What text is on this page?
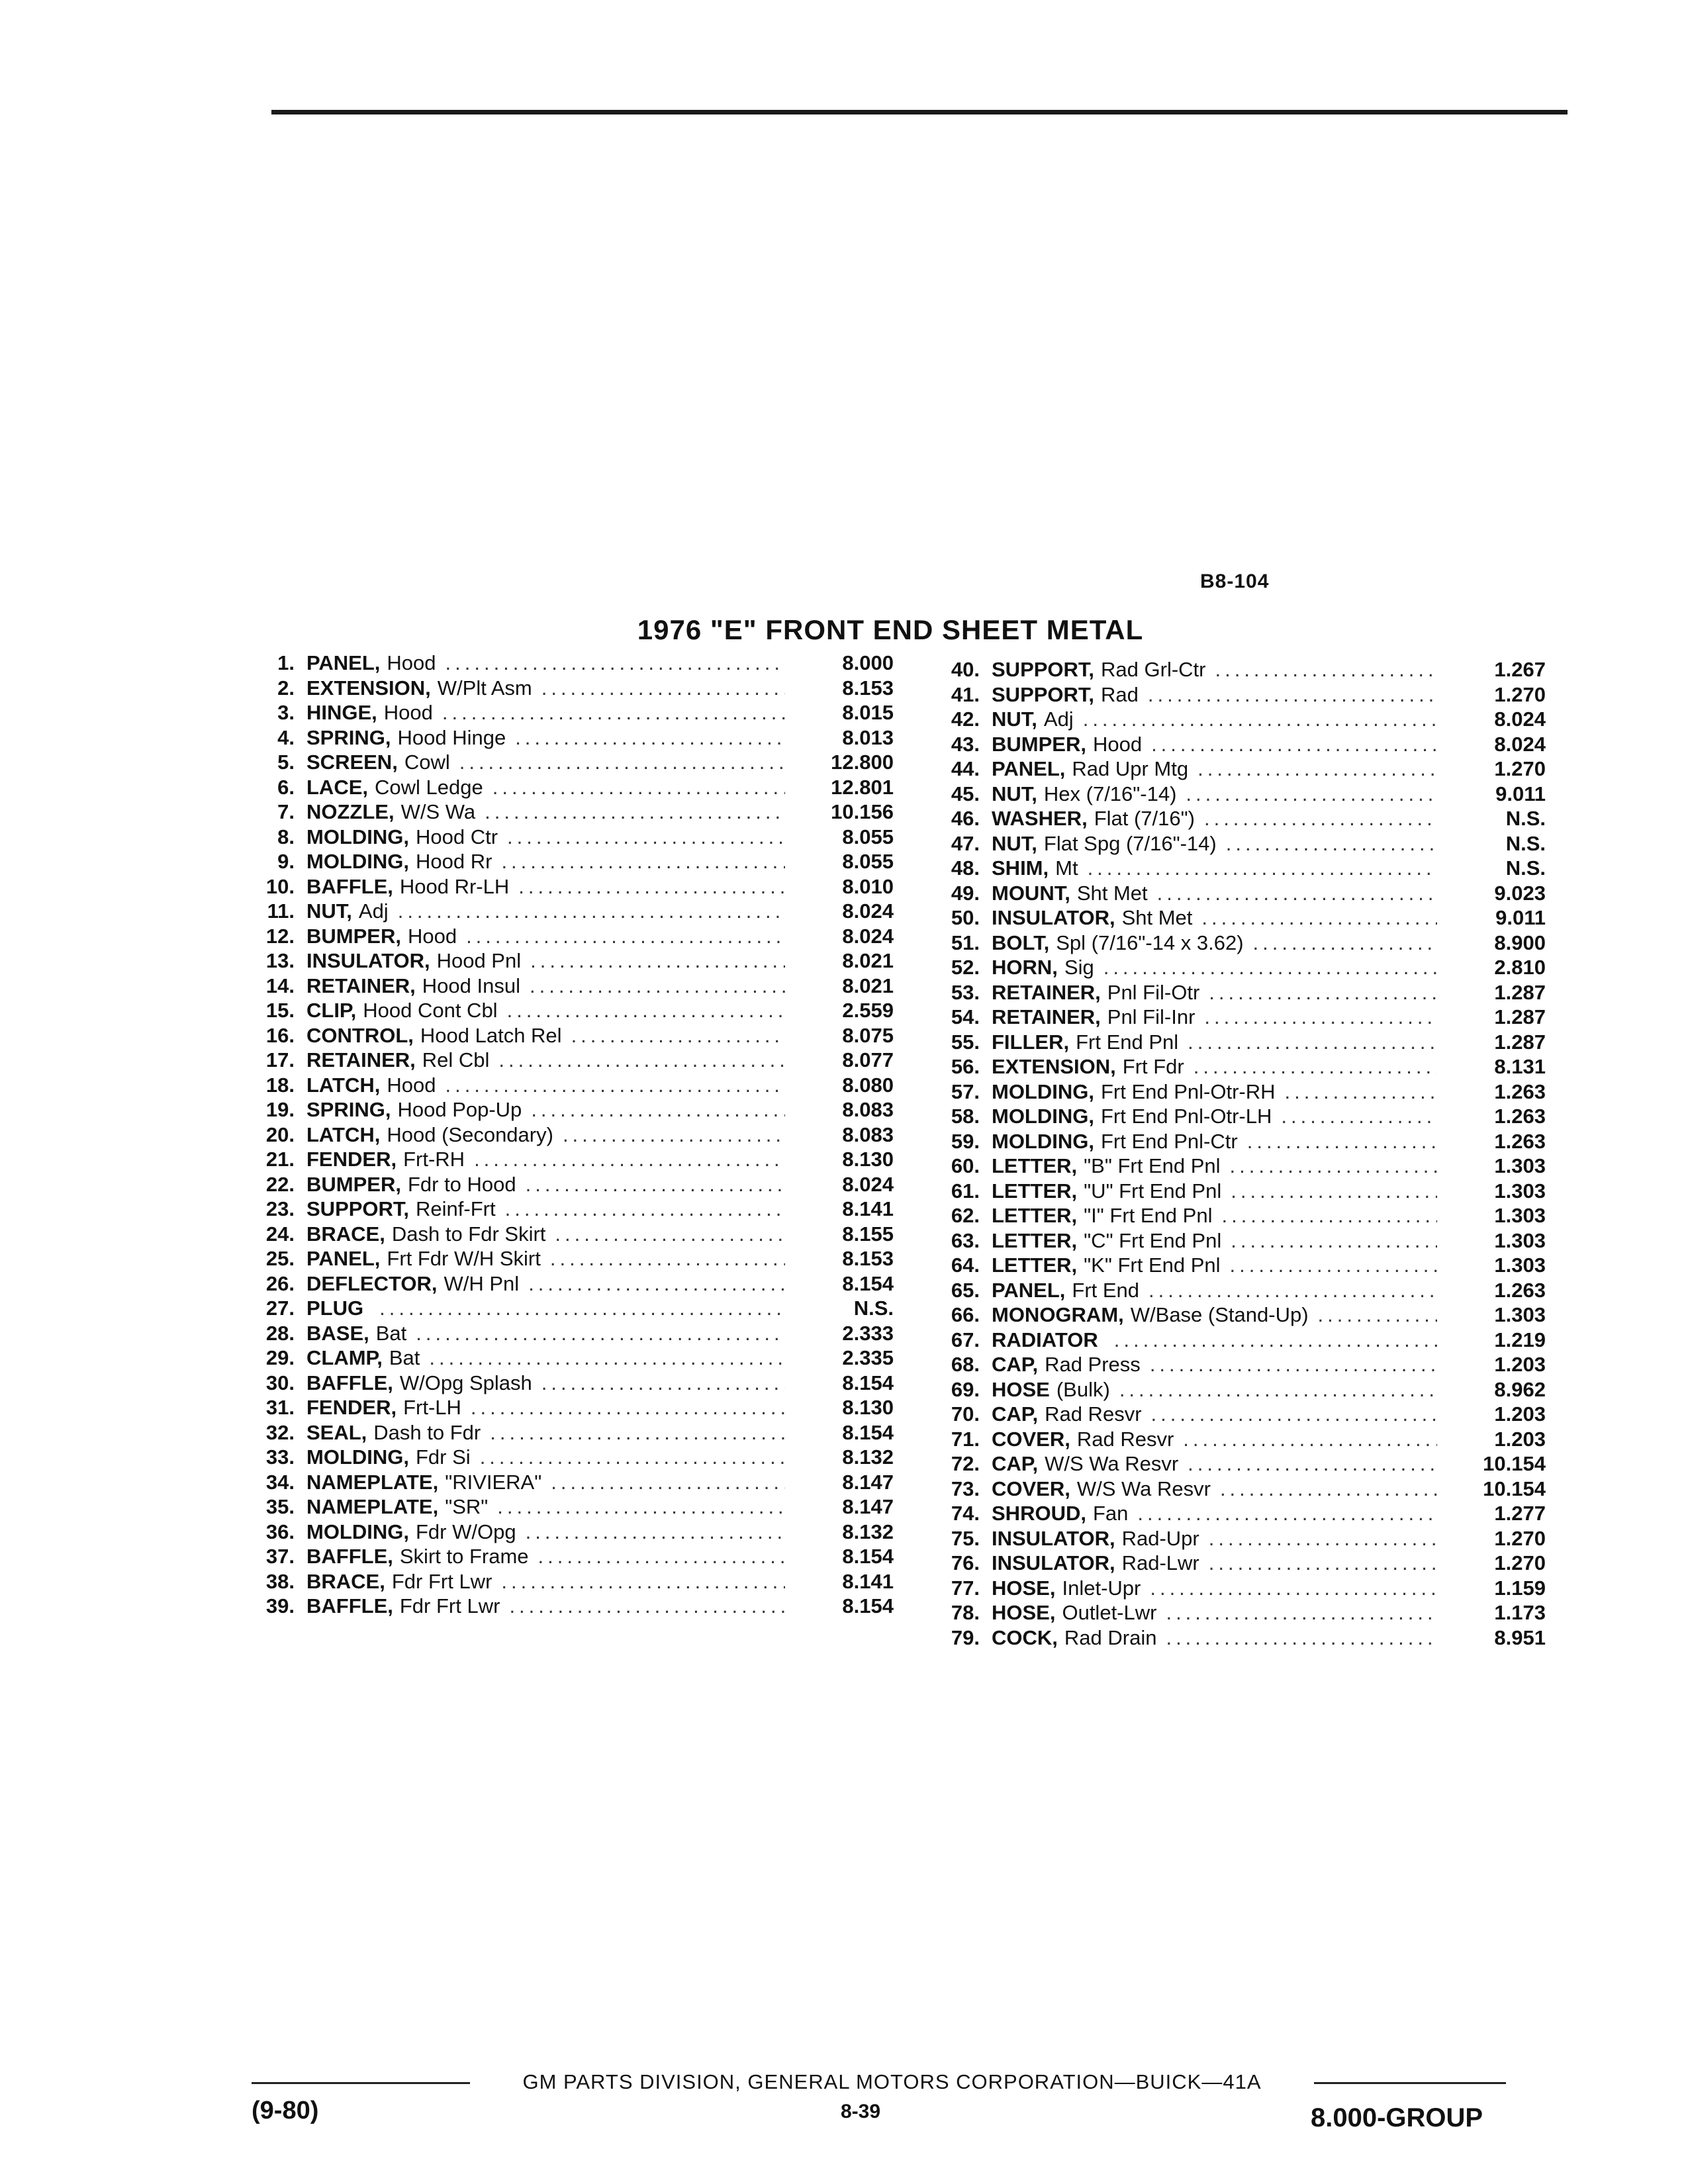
B8-104
1976 "E" FRONT END SHEET METAL
1. PANEL, Hood .....	8.000
2. EXTENSION, W/Plt Asm .....	8.153
3. HINGE, Hood .....	8.015
4. SPRING, Hood Hinge .....	8.013
5. SCREEN, Cowl .....	12.800
6. LACE, Cowl Ledge .....	12.801
7. NOZZLE, W/S Wa .....	10.156
8. MOLDING, Hood Ctr .....	8.055
9. MOLDING, Hood Rr .....	8.055
10. BAFFLE, Hood Rr-LH .....	8.010
11. NUT, Adj .....	8.024
12. BUMPER, Hood .....	8.024
13. INSULATOR, Hood Pnl .....	8.021
14. RETAINER, Hood Insul .....	8.021
15. CLIP, Hood Cont Cbl .....	2.559
16. CONTROL, Hood Latch Rel .....	8.075
17. RETAINER, Rel Cbl .....	8.077
18. LATCH, Hood .....	8.080
19. SPRING, Hood Pop-Up .....	8.083
20. LATCH, Hood (Secondary) .....	8.083
21. FENDER, Frt-RH .....	8.130
22. BUMPER, Fdr to Hood .....	8.024
23. SUPPORT, Reinf-Frt .....	8.141
24. BRACE, Dash to Fdr Skirt .....	8.155
25. PANEL, Frt Fdr W/H Skirt .....	8.153
26. DEFLECTOR, W/H Pnl .....	8.154
27. PLUG .....	N.S.
28. BASE, Bat .....	2.333
29. CLAMP, Bat .....	2.335
30. BAFFLE, W/Opg Splash .....	8.154
31. FENDER, Frt-LH .....	8.130
32. SEAL, Dash to Fdr .....	8.154
33. MOLDING, Fdr Si .....	8.132
34. NAMEPLATE, "RIVIERA" .....	8.147
35. NAMEPLATE, "SR" .....	8.147
36. MOLDING, Fdr W/Opg .....	8.132
37. BAFFLE, Skirt to Frame .....	8.154
38. BRACE, Fdr Frt Lwr .....	8.141
39. BAFFLE, Fdr Frt Lwr .....	8.154
40. SUPPORT, Rad Grl-Ctr .....	1.267
41. SUPPORT, Rad .....	1.270
42. NUT, Adj .....	8.024
43. BUMPER, Hood .....	8.024
44. PANEL, Rad Upr Mtg .....	1.270
45. NUT, Hex (7/16"-14) .....	9.011
46. WASHER, Flat (7/16") .....	N.S.
47. NUT, Flat Spg (7/16"-14) .....	N.S.
48. SHIM, Mt .....	N.S.
49. MOUNT, Sht Met .....	9.023
50. INSULATOR, Sht Met .....	9.011
51. BOLT, Spl (7/16"-14 x 3.62) .....	8.900
52. HORN, Sig .....	2.810
53. RETAINER, Pnl Fil-Otr .....	1.287
54. RETAINER, Pnl Fil-Inr .....	1.287
55. FILLER, Frt End Pnl .....	1.287
56. EXTENSION, Frt Fdr .....	8.131
57. MOLDING, Frt End Pnl-Otr-RH .....	1.263
58. MOLDING, Frt End Pnl-Otr-LH .....	1.263
59. MOLDING, Frt End Pnl-Ctr .....	1.263
60. LETTER, "B" Frt End Pnl .....	1.303
61. LETTER, "U" Frt End Pnl .....	1.303
62. LETTER, "I" Frt End Pnl .....	1.303
63. LETTER, "C" Frt End Pnl .....	1.303
64. LETTER, "K" Frt End Pnl .....	1.303
65. PANEL, Frt End .....	1.263
66. MONOGRAM, W/Base (Stand-Up) .....	1.303
67. RADIATOR .....	1.219
68. CAP, Rad Press .....	1.203
69. HOSE (Bulk) .....	8.962
70. CAP, Rad Resvr .....	1.203
71. COVER, Rad Resvr .....	1.203
72. CAP, W/S Wa Resvr .....	10.154
73. COVER, W/S Wa Resvr .....	10.154
74. SHROUD, Fan .....	1.277
75. INSULATOR, Rad-Upr .....	1.270
76. INSULATOR, Rad-Lwr .....	1.270
77. HOSE, Inlet-Upr .....	1.159
78. HOSE, Outlet-Lwr .....	1.173
79. COCK, Rad Drain .....	8.951
GM PARTS DIVISION, GENERAL MOTORS CORPORATION—BUICK—41A
(9-80)	8-39	8.000-GROUP
